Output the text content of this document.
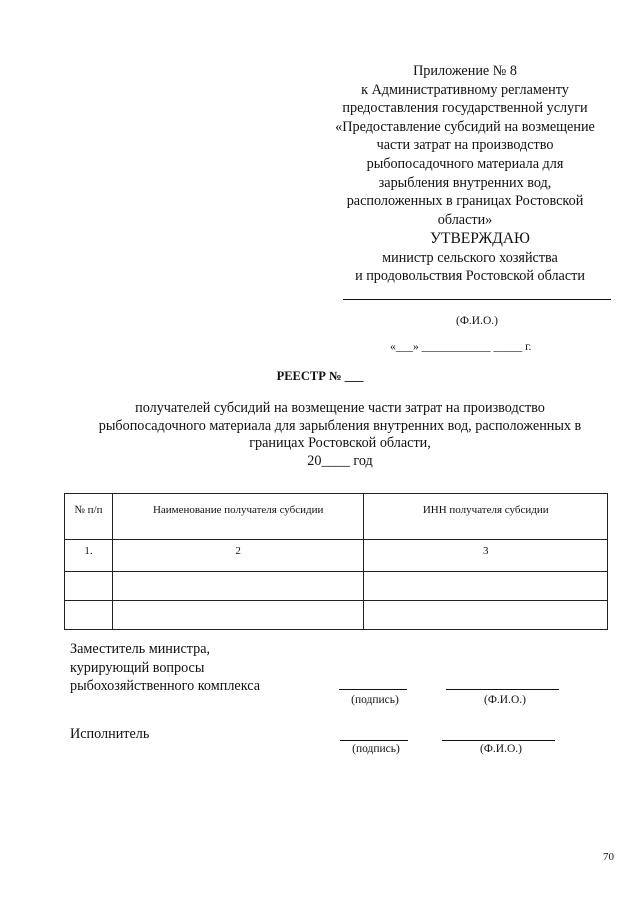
Приложение № 8
к Административному регламенту
предоставления государственной услуги
«Предоставление субсидий на возмещение
части затрат на производство
рыбопосадочного материала для
зарыбления внутренних вод,
расположенных в границах Ростовской
области»
УТВЕРЖДАЮ
министр сельского хозяйства
и продовольствия Ростовской области
(Ф.И.О.)
«___» ____________ _____ г.
РЕЕСТР № ___
получателей субсидий на возмещение части затрат на производство
рыбопосадочного материала для зарыбления внутренних вод, расположенных в
границах Ростовской области,
20____ год
№ п/п	Наименование получателя субсидии	ИНН получателя субсидии
1.	2	3

Заместитель министра,
курирующий вопросы
рыбохозяйственного комплекса
(подпись)	(Ф.И.О.)
Исполнитель
(подпись)	(Ф.И.О.)
70
